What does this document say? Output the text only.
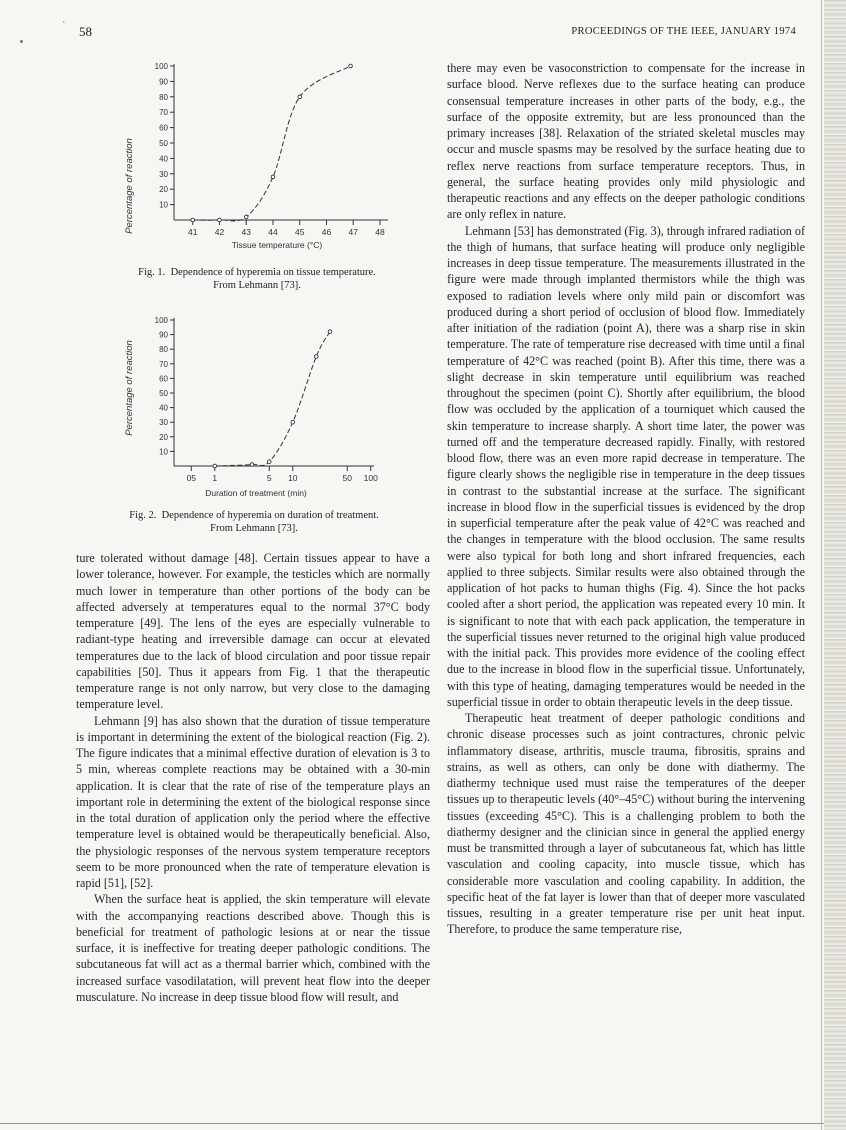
` 58	PROCEEDINGS OF THE IEEE, JANUARY 1974
Percentage of reaction
Tissue temperature (°C)
10
20
30
40
50
60
70
80
90
100
41 42 43 44 45 46 47 48
Fig. 1. Dependence of hyperemia on tissue temperature.
From Lehmann [73].
Percentage of reaction
Duration of treatment (min)
10
20
30
40
50
60
70
80
90
100
05 1	5 10	50 100
Fig. 2. Dependence of hyperemia on duration of treatment.
From Lehmann [73].

ture tolerated without damage [48]. Certain tissues appear to have a lower tolerance, however. For example, the testicles which are normally much lower in temperature than other portions of the body can be affected adversely at temperatures equal to the normal 37°C body temperature [49]. The lens of the eyes are especially vulnerable to radiant-type heating and irreversible damage can occur at elevated temperatures due to the lack of blood circulation and poor tissue repair capabilities [50]. Thus it appears from Fig. 1 that the therapeutic temperature range is not only narrow, but very close to the damaging temperature level.

Lehmann [9] has also shown that the duration of tissue temperature is important in determining the extent of the biological reaction (Fig. 2). The figure indicates that a minimal effective duration of elevation is 3 to 5 min, whereas complete reactions may be obtained with a 30-min application. It is clear that the rate of rise of the temperature plays an important role in determining the extent of the biological response since in the total duration of application only the period where the effective temperature level is obtained would be therapeutically beneficial. Also, the physiologic responses of the nervous system temperature receptors seem to be more pronounced when the rate of temperature elevation is rapid [51], [52].

When the surface heat is applied, the skin temperature will elevate with the accompanying reactions described above. Though this is beneficial for treatment of pathologic lesions at or near the tissue surface, it is ineffective for treating deeper pathologic conditions. The subcutaneous fat will act as a thermal barrier which, combined with the increased surface vasodilatation, will prevent heat flow into the deeper musculature. No increase in deep tissue blood flow will result, and

there may even be vasoconstriction to compensate for the increase in surface blood. Nerve reflexes due to the surface heating can produce consensual temperature increases in other parts of the body, e.g., the surface of the opposite extremity, but are less pronounced than the primary increases [38]. Relaxation of the striated skeletal muscles may occur and muscle spasms may be resolved by the surface heating due to reflex nerve reactions from surface temperature receptors. Thus, in general, the surface heating provides only mild physiologic and therapeutic reactions and any effects on the deeper pathologic conditions are only reflex in nature.

Lehmann [53] has demonstrated (Fig. 3), through infrared radiation of the thigh of humans, that surface heating will produce only negligible increases in deep tissue temperature. The measurements illustrated in the figure were made through implanted thermistors while the thigh was exposed to radiation levels where only mild pain or discomfort was produced during a short period of occlusion of blood flow. Immediately after initiation of the radiation (point A), there was a sharp rise in skin temperature. The rate of temperature rise decreased with time until a final temperature of 42°C was reached (point B). After this time, there was a slight decrease in skin temperature until equilibrium was reached throughout the specimen (point C). Shortly after equilibrium, the blood flow was occluded by the application of a tourniquet which caused the skin temperature to increase sharply. A short time later, the power was turned off and the temperature decreased rapidly. Finally, with restored blood flow, there was an even more rapid decrease in temperature. The figure clearly shows the negligible rise in temperature in the deep tissues in contrast to the substantial increase at the surface. The significant increase in blood flow in the superficial tissues is evidenced by the drop in superficial temperature after the peak value of 42°C was reached and the changes in temperature with the blood occlusion. The same results were also typical for both long and short infrared frequencies, each applied to three subjects. Similar results were also obtained through the application of hot packs to human thighs (Fig. 4). Since the hot packs cooled after a short period, the application was repeated every 10 min. It is significant to note that with each pack application, the temperature in the superficial tissues never returned to the original high value produced with the initial pack. This provides more evidence of the cooling effect due to the increase in blood flow in the superficial tissue. Unfortunately, with this type of heating, damaging temperatures would be needed in the superficial tissue in order to obtain therapeutic levels in the deep tissue.

Therapeutic heat treatment of deeper pathologic conditions and chronic disease processes such as joint contractures, chronic pelvic inflammatory disease, arthritis, muscle trauma, fibrositis, sprains and strains, as well as others, can only be done with diathermy. The diathermy technique used must raise the temperatures of the deeper tissues up to therapeutic levels (40°–45°C) without buring the intervening tissues (exceeding 45°C). This is a challenging problem to both the diathermy designer and the clinician since in general the applied energy must be transmitted through a layer of subcutaneous fat, which has little vasculation and cooling capacity, into muscle tissue, which has considerable more vasculation and cooling capability. In addition, the specific heat of the fat layer is lower than that of deeper more vasculated tissues, resulting in a greater temperature rise per unit heat input. Therefore, to produce the same temperature rise,
